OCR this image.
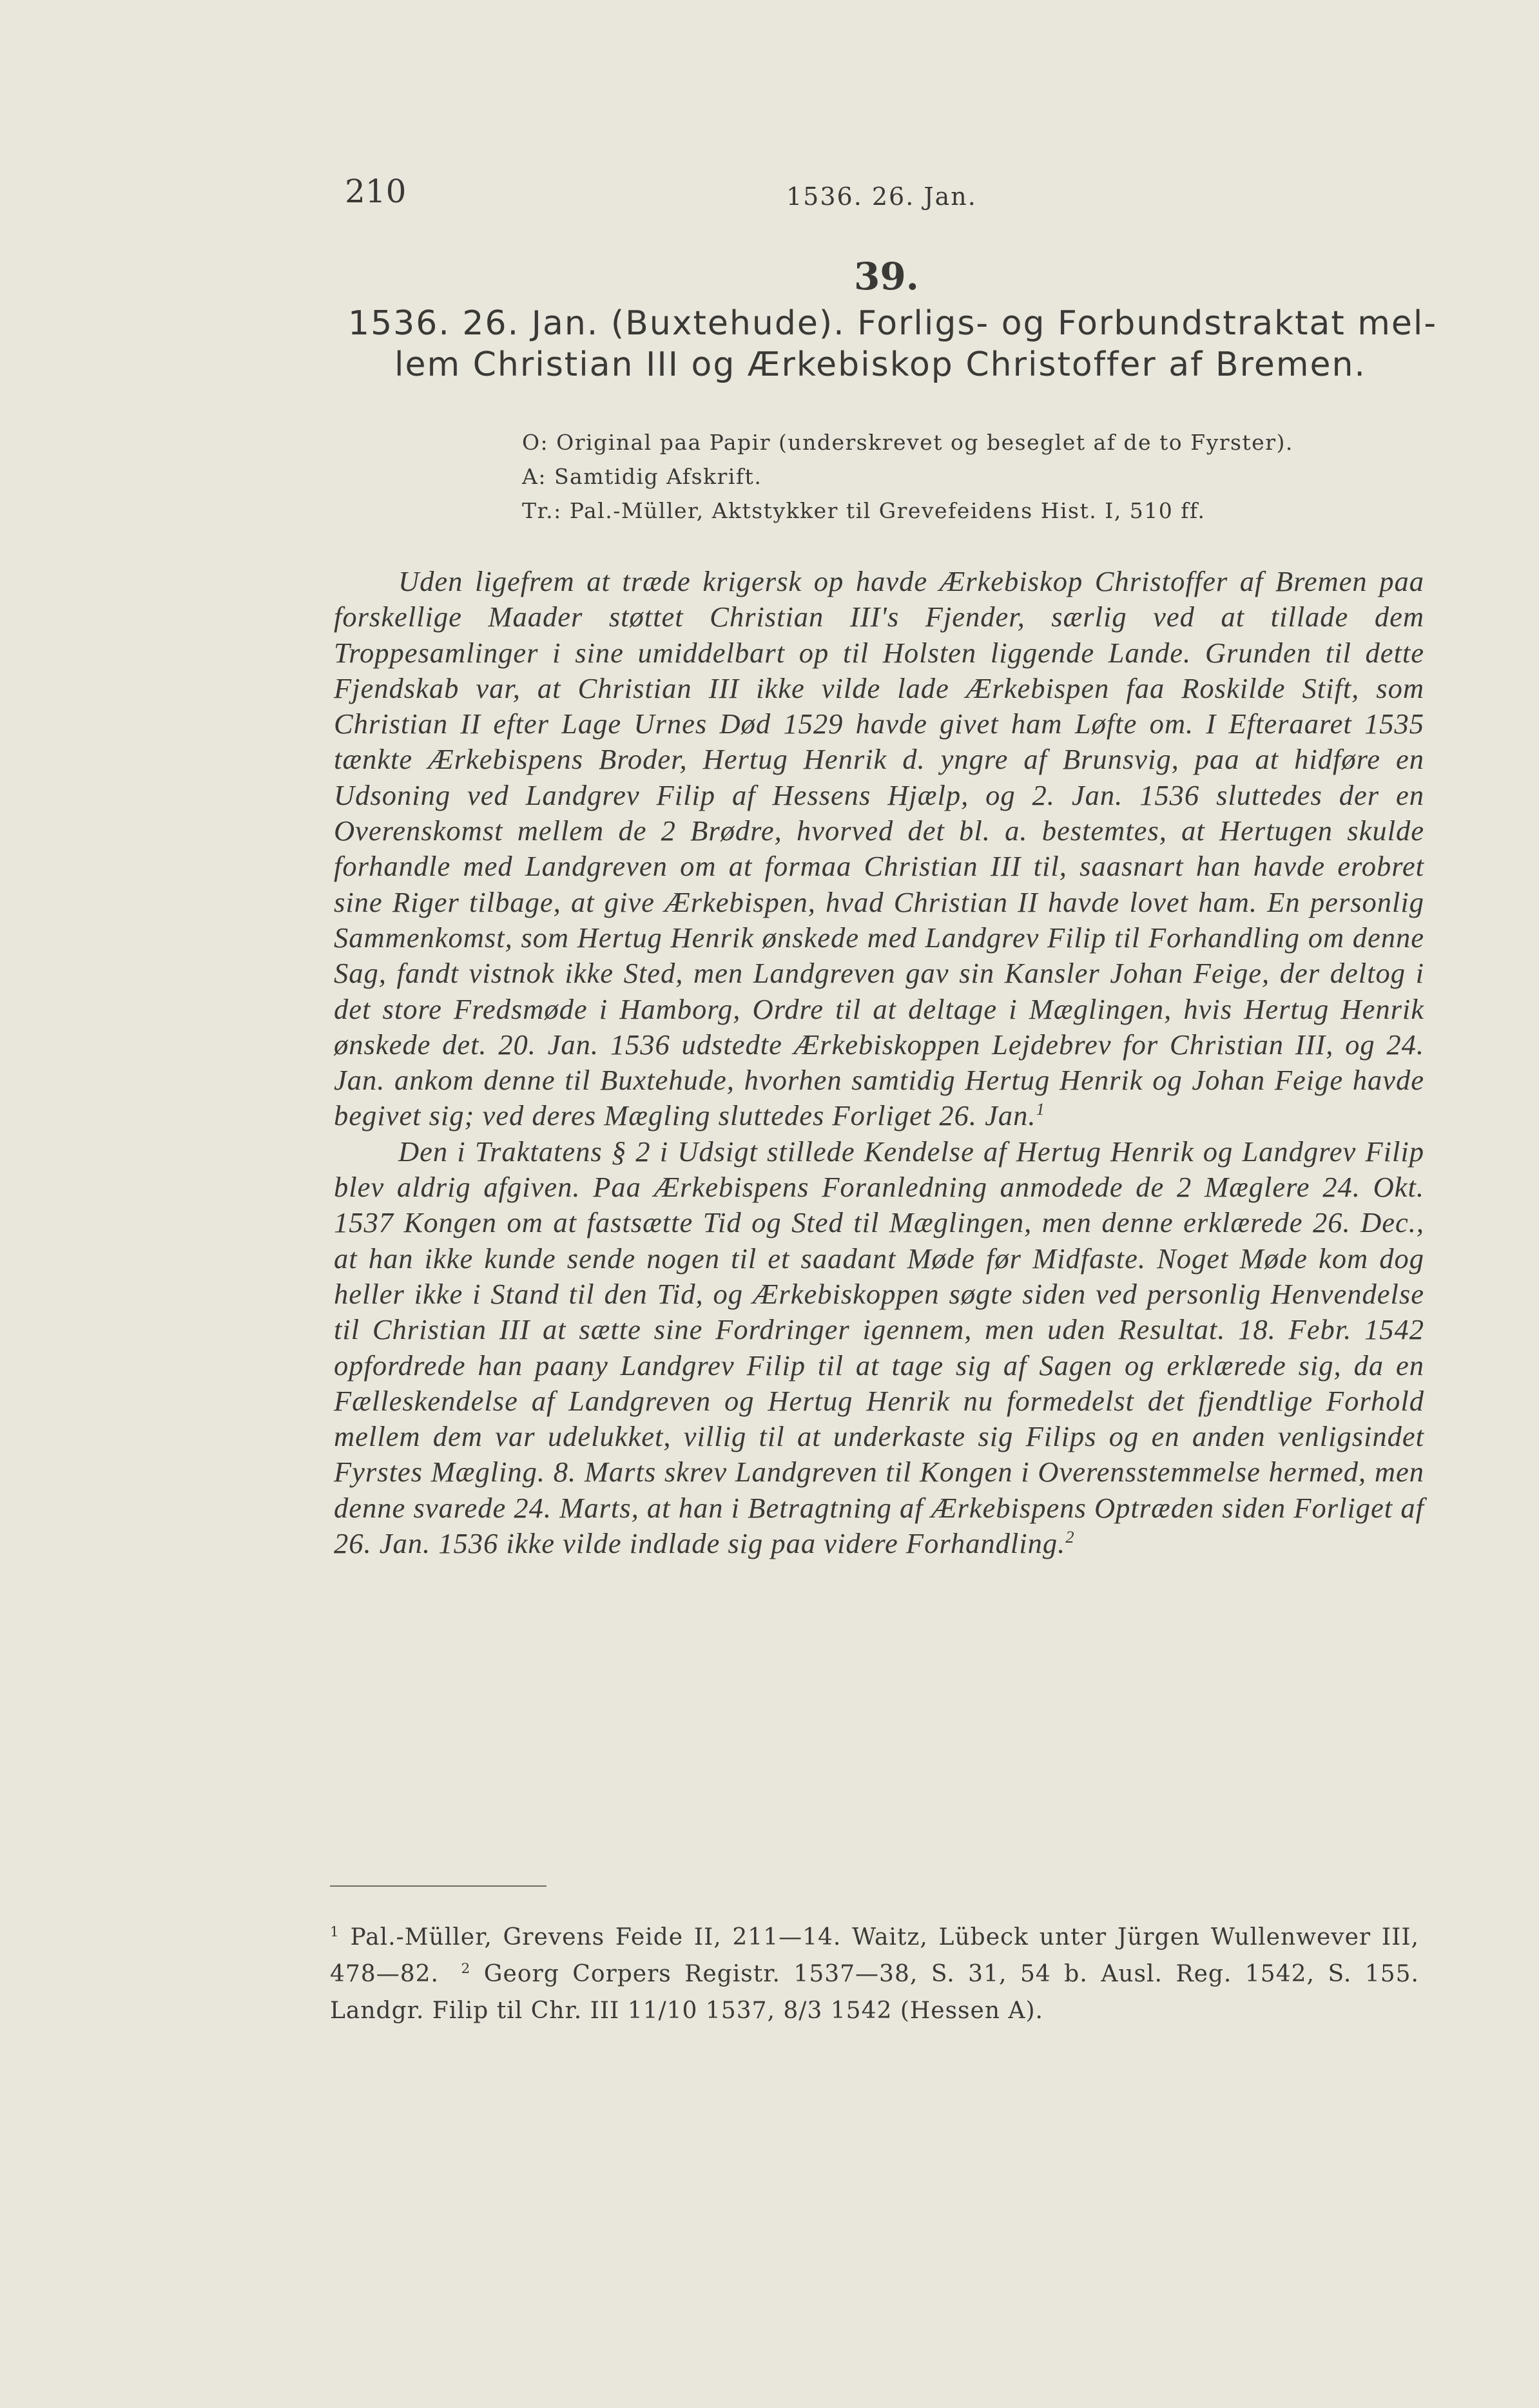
210	1536. 26. Jan.
39.
1536. 26. Jan. (Buxtehude). Forligs- og Forbundstraktat mel-
lem Christian III og Ærkebiskop Christoffer af Bremen.
O: Original paa Papir (underskrevet og beseglet af de to Fyrster).
A: Samtidig Afskrift.
Tr.: Pal.-Müller, Aktstykker til Grevefeidens Hist. I, 510 ff.

Uden ligefrem at træde krigersk op havde Ærkebiskop Christoffer af Bremen paa forskellige Maader støttet Christian III's Fjender, særlig ved at tillade dem Troppesamlinger i sine umiddelbart op til Holsten liggende Lande. Grunden til dette Fjendskab var, at Christian III ikke vilde lade Ærkebispen faa Roskilde Stift, som Christian II efter Lage Urnes Død 1529 havde givet ham Løfte om. I Efteraaret 1535 tænkte Ærkebispens Broder, Hertug Henrik d. yngre af Brunsvig, paa at hidføre en Udsoning ved Landgrev Filip af Hessens Hjælp, og 2. Jan. 1536 sluttedes der en Overenskomst mellem de 2 Brødre, hvorved det bl. a. bestemtes, at Hertugen skulde forhandle med Landgreven om at formaa Christian III til, saasnart han havde erobret sine Riger tilbage, at give Ærkebispen, hvad Christian II havde lovet ham. En personlig Sammenkomst, som Hertug Henrik ønskede med Landgrev Filip til Forhandling om denne Sag, fandt vistnok ikke Sted, men Landgreven gav sin Kansler Johan Feige, der deltog i det store Fredsmøde i Hamborg, Ordre til at deltage i Mæglingen, hvis Hertug Henrik ønskede det. 20. Jan. 1536 udstedte Ærkebiskoppen Lejdebrev for Christian III, og 24. Jan. ankom denne til Buxtehude, hvorhen samtidig Hertug Henrik og Johan Feige havde begivet sig; ved deres Mægling sluttedes Forliget 26. Jan.$^1$

Den i Traktatens § 2 i Udsigt stillede Kendelse af Hertug Henrik og Landgrev Filip blev aldrig afgiven. Paa Ærkebispens Foranledning anmodede de 2 Mæglere 24. Okt. 1537 Kongen om at fastsætte Tid og Sted til Mæglingen, men denne erklærede 26. Dec., at han ikke kunde sende nogen til et saadant Møde før Midfaste. Noget Møde kom dog heller ikke i Stand til den Tid, og Ærkebiskoppen søgte siden ved personlig Henvendelse til Christian III at sætte sine Fordringer igennem, men uden Resultat. 18. Febr. 1542 opfordrede han paany Landgrev Filip til at tage sig af Sagen og erklærede sig, da en Fælleskendelse af Landgreven og Hertug Henrik nu formedelst det fjendtlige Forhold mellem dem var udelukket, villig til at underkaste sig Filips og en anden venligsindet Fyrstes Mægling. 8. Marts skrev Landgreven til Kongen i Overensstemmelse hermed, men denne svarede 24. Marts, at han i Betragtning af Ærkebispens Optræden siden Forliget af 26. Jan. 1536 ikke vilde indlade sig paa videre Forhandling.$^2$

$^1$ Pal.-Müller, Grevens Feide II, 211—14. Waitz, Lübeck unter Jürgen Wullenwever III, 478—82. $^2$ Georg Corpers Registr. 1537—38, S. 31, 54 b. Ausl. Reg. 1542, S. 155. Landgr. Filip til Chr. III 11/10 1537, 8/3 1542 (Hessen A).
